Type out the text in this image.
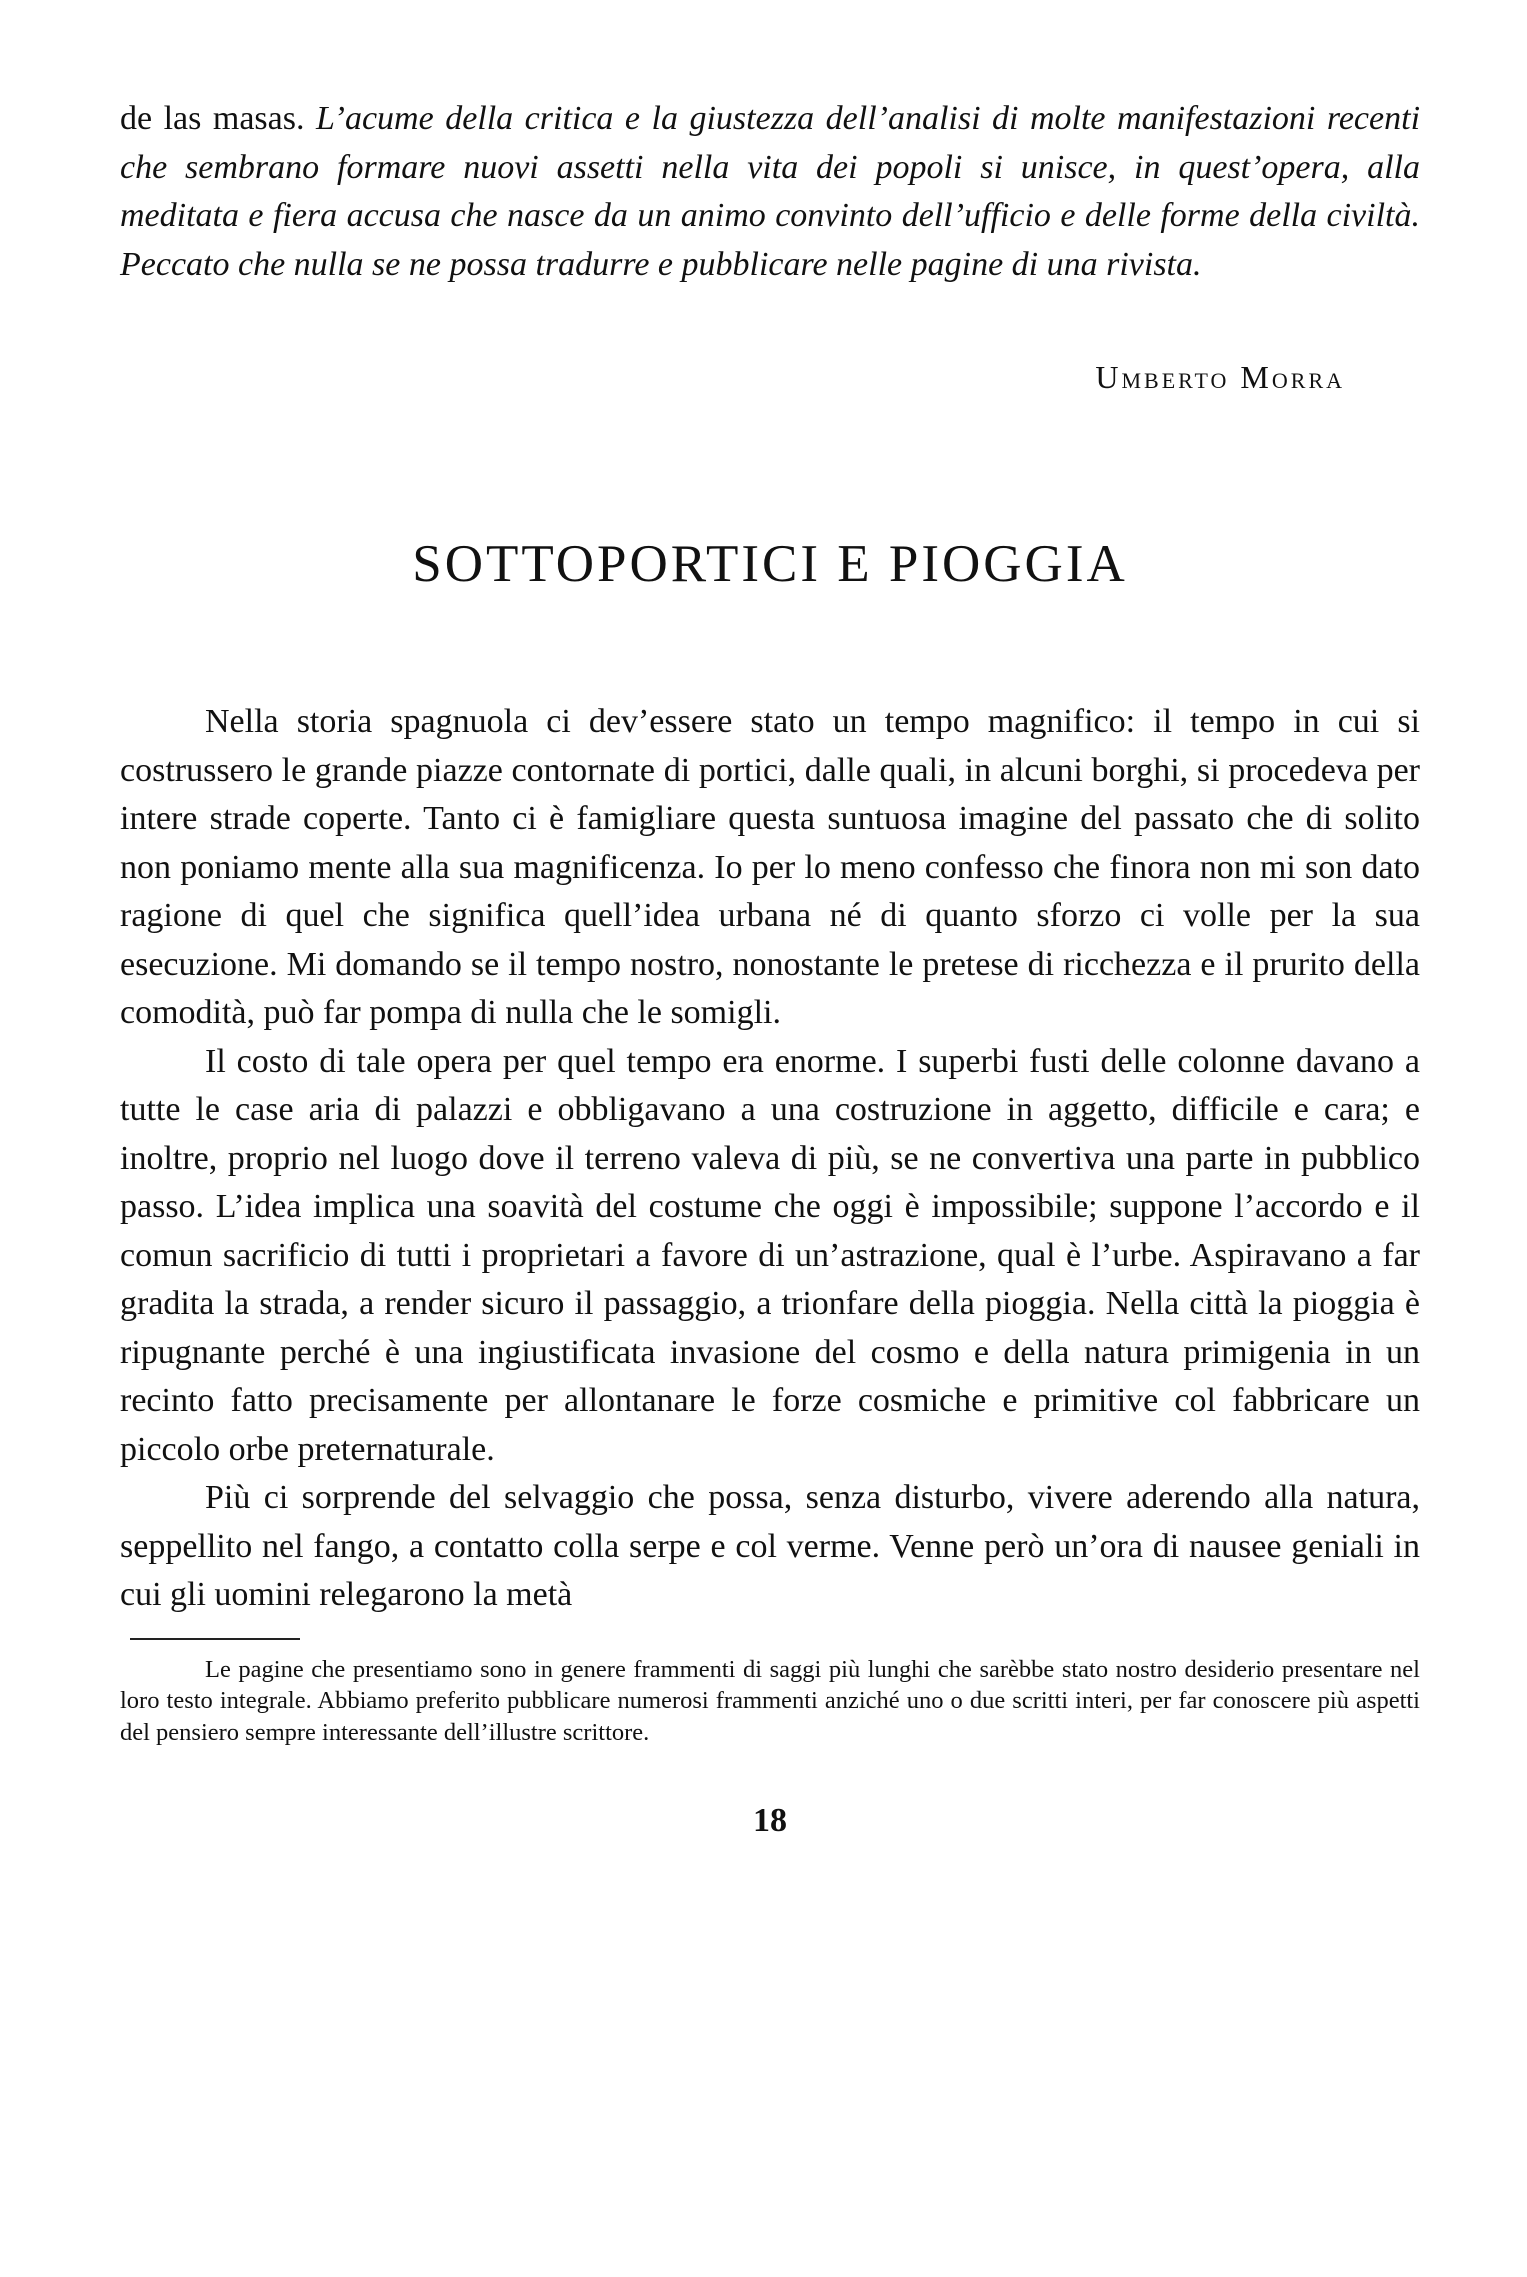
de las masas. L’acume della critica e la giustezza dell’analisi di molte manifestazioni recenti che sembrano formare nuovi assetti nella vita dei popoli si unisce, in quest’opera, alla meditata e fiera accusa che nasce da un animo convinto dell’ufficio e delle forme della civiltà. Peccato che nulla se ne possa tradurre e pubblicare nelle pagine di una rivista.

Umberto Morra
SOTTOPORTICI E PIOGGIA

Nella storia spagnuola ci dev’essere stato un tempo magnifico: il tempo in cui si costrussero le grande piazze contornate di portici, dalle quali, in alcuni borghi, si procedeva per intere strade coperte. Tanto ci è famigliare questa suntuosa imagine del passato che di solito non poniamo mente alla sua magnificenza. Io per lo meno confesso che finora non mi son dato ragione di quel che significa quell’idea urbana né di quanto sforzo ci volle per la sua esecuzione. Mi domando se il tempo nostro, nonostante le pretese di ricchezza e il prurito della comodità, può far pompa di nulla che le somigli.

Il costo di tale opera per quel tempo era enorme. I superbi fusti delle colonne davano a tutte le case aria di palazzi e obbligavano a una costruzione in aggetto, difficile e cara; e inoltre, proprio nel luogo dove il terreno valeva di più, se ne convertiva una parte in pubblico passo. L’idea implica una soavità del costume che oggi è impossibile; suppone l’accordo e il comun sacrificio di tutti i proprietari a favore di un’astrazione, qual è l’urbe. Aspiravano a far gradita la strada, a render sicuro il passaggio, a trionfare della pioggia. Nella città la pioggia è ripugnante perché è una ingiustificata invasione del cosmo e della natura primigenia in un recinto fatto precisamente per allontanare le forze cosmiche e primitive col fabbricare un piccolo orbe preternaturale.

Più ci sorprende del selvaggio che possa, senza disturbo, vivere aderendo alla natura, seppellito nel fango, a contatto colla serpe e col verme. Venne però un’ora di nausee geniali in cui gli uomini relegarono la metà

Le pagine che presentiamo sono in genere frammenti di saggi più lunghi che sarèbbe stato nostro desiderio presentare nel loro testo integrale. Abbiamo preferito pubblicare numerosi frammenti anziché uno o due scritti interi, per far conoscere più aspetti del pensiero sempre interessante dell’illustre scrittore.

18
